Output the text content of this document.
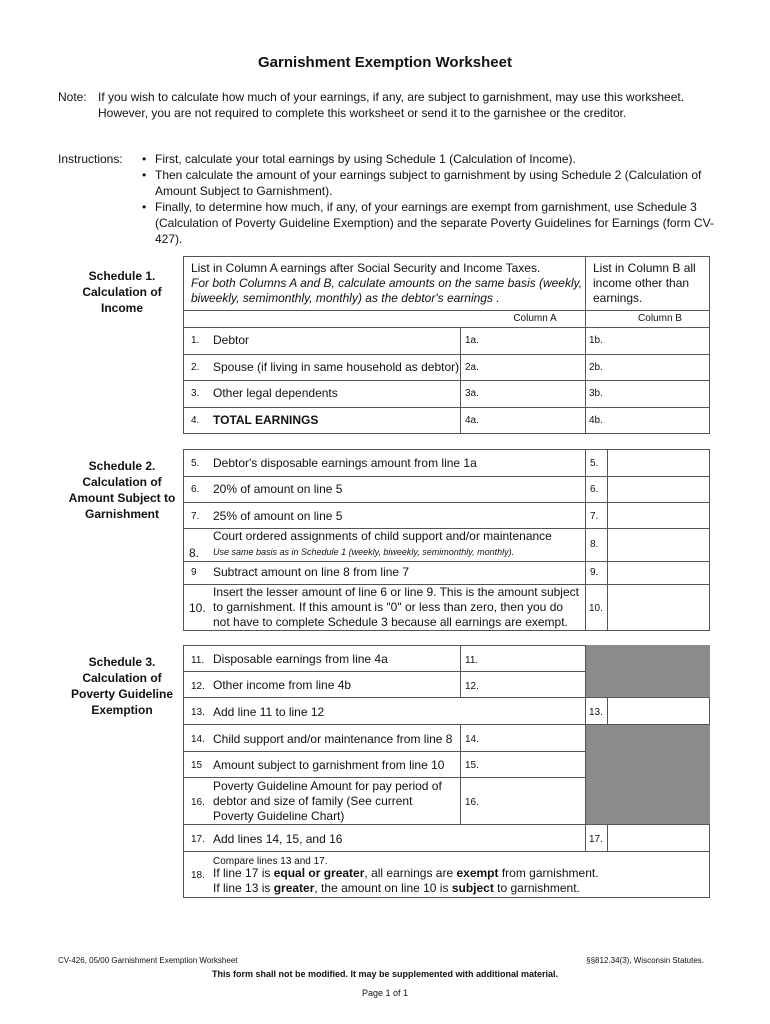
Garnishment Exemption Worksheet
Note: If you wish to calculate how much of your earnings, if any, are subject to garnishment, may use this worksheet. However, you are not required to complete this worksheet or send it to the garnishee or the creditor.
Instructions:
•	First, calculate your total earnings by using Schedule 1 (Calculation of Income).
• Then calculate the amount of your earnings subject to garnishment by using Schedule 2 (Calculation of Amount Subject to Garnishment).
• Finally, to determine how much, if any, of your earnings are exempt from garnishment, use Schedule 3 (Calculation of Poverty Guideline Exemption) and the separate Poverty Guidelines for Earnings (form CV-427).
Schedule 1.
Calculation of
Income
List in Column A earnings after Social Security and Income Taxes.
For both Columns A and B, calculate amounts on the same basis (weekly, biweekly, semimonthly, monthly) as the debtor's earnings .
List in Column B all income other than earnings.
Column A	Column B
1. Debtor	1a.	1b.
2. Spouse (if living in same household as debtor) 2a.	2b.
3. Other legal dependents	3a.	3b.
4. TOTAL EARNINGS	4a.	4b.
Schedule 2.
Calculation of
Amount Subject to
Garnishment
5. Debtor's disposable earnings amount from line 1a	5.
6. 20% of amount on line 5	6.
7. 25% of amount on line 5	7.
8.
Court ordered assignments of child support and/or maintenance
Use same basis as in Schedule 1 (weekly, biweekly, semimonthly, monthly).
8.
9 Subtract amount on line 8 from line 7	9.
10.
Insert the lesser amount of line 6 or line 9. This is the amount subject to garnishment. If this amount is "0" or less than zero, then you do not have to complete Schedule 3 because all earnings are exempt.
10.
Schedule 3.
Calculation of
Poverty Guideline
Exemption
11. Disposable earnings from line 4a	11.
12. Other income from line 4b	12.
13. Add line 11 to line 12	13.
14. Child support and/or maintenance from line 8 14.
15 Amount subject to garnishment from line 10 15.
16.
Poverty Guideline Amount for pay period of debtor and size of family (See current Poverty Guideline Chart)
16.
17. Add lines 14, 15, and 16	17.
18.
Compare lines 13 and 17.
If line 17 is equal or greater, all earnings are exempt from garnishment.
If line 13 is greater, the amount on line 10 is subject to garnishment.
CV-426, 05/00 Garnishment Exemption Worksheet	§§812.34(3), Wisconsin Statutes.
This form shall not be modified. It may be supplemented with additional material.
Page 1 of 1
